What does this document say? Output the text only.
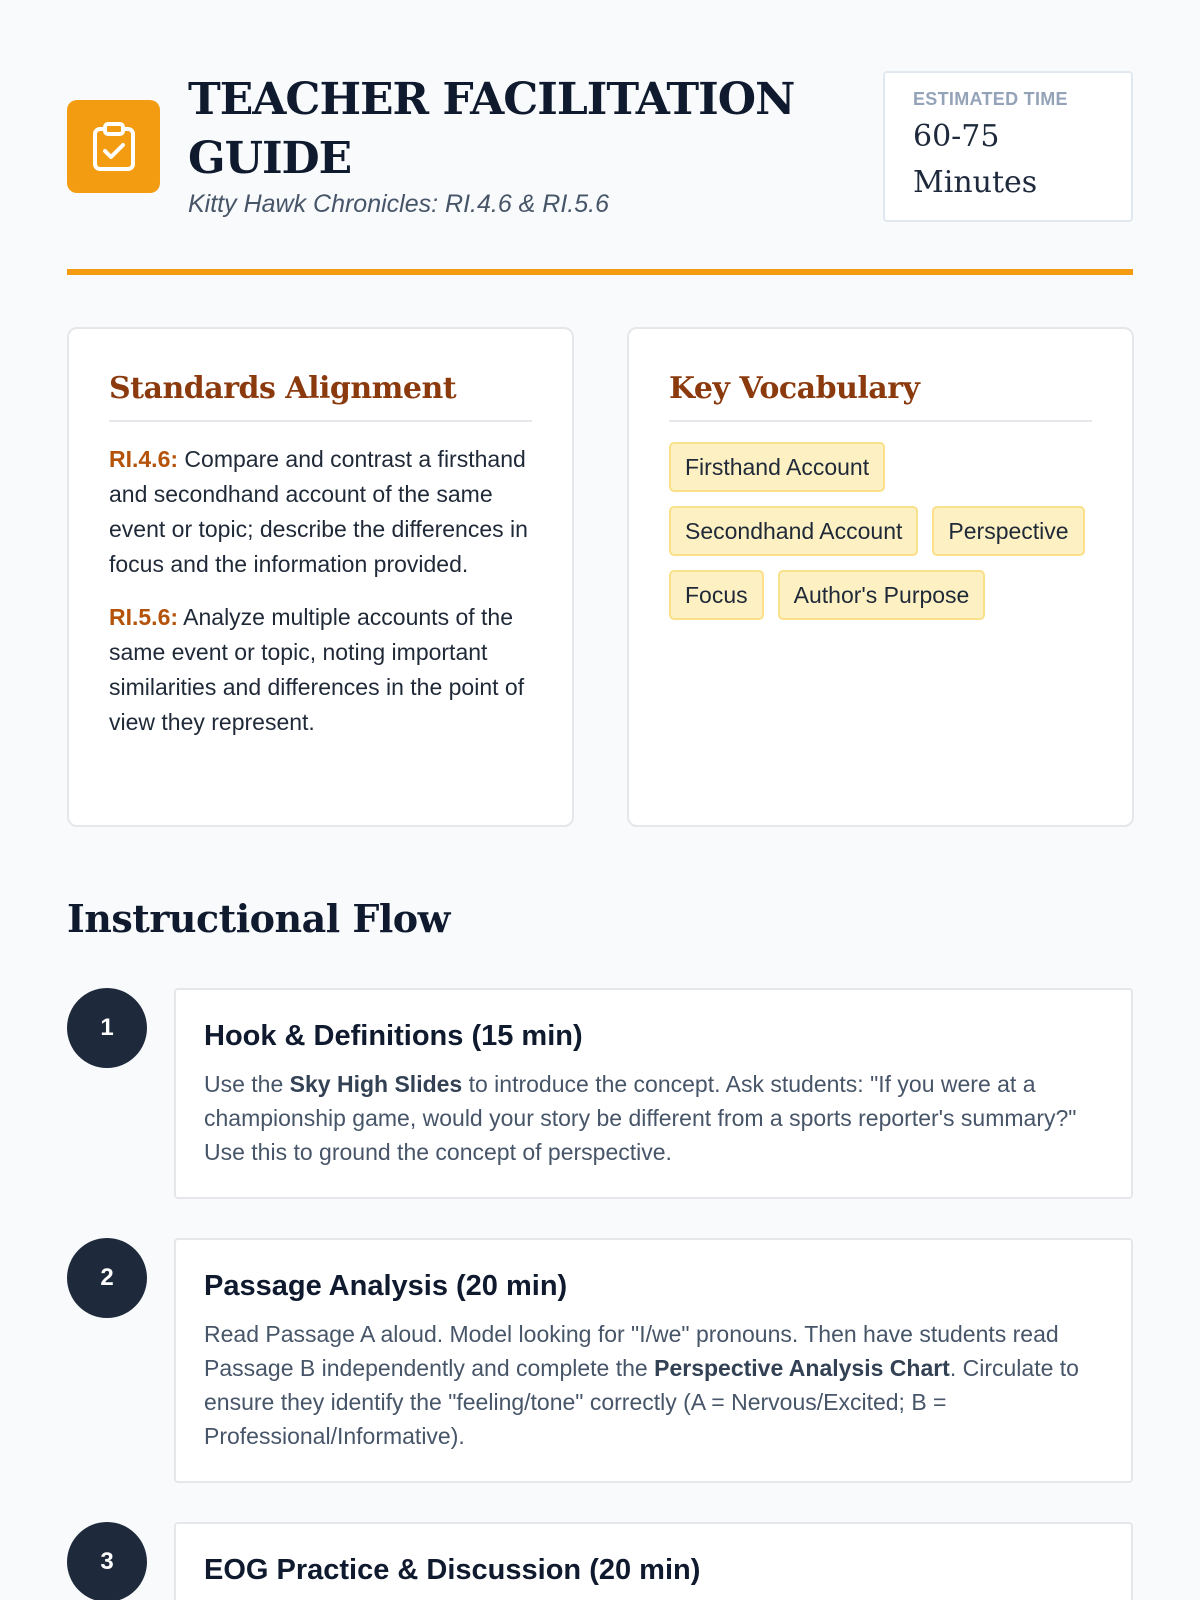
TEACHER FACILITATION GUIDE
Kitty Hawk Chronicles: RI.4.6 & RI.5.6
ESTIMATED TIME
60-75 Minutes
Standards Alignment

RI.4.6: Compare and contrast a firsthand and secondhand account of the same event or topic; describe the differences in focus and the information provided.

RI.5.6: Analyze multiple accounts of the same event or topic, noting important similarities and differences in the point of view they represent.

Key Vocabulary
Firsthand Account
Secondhand Account	Perspective
Focus	Author's Purpose
Instructional Flow
1	Hook & Definitions (15 min)

Use the Sky High Slides to introduce the concept. Ask students: "If you were at a championship game, would your story be different from a sports reporter's summary?" Use this to ground the concept of perspective.

2	Passage Analysis (20 min)

Read Passage A aloud. Model looking for "I/we" pronouns. Then have students read Passage B independently and complete the Perspective Analysis Chart. Circulate to ensure they identify the "feeling/tone" correctly (A = Nervous/Excited; B = Professional/Informative).

3	EOG Practice & Discussion (20 min)
